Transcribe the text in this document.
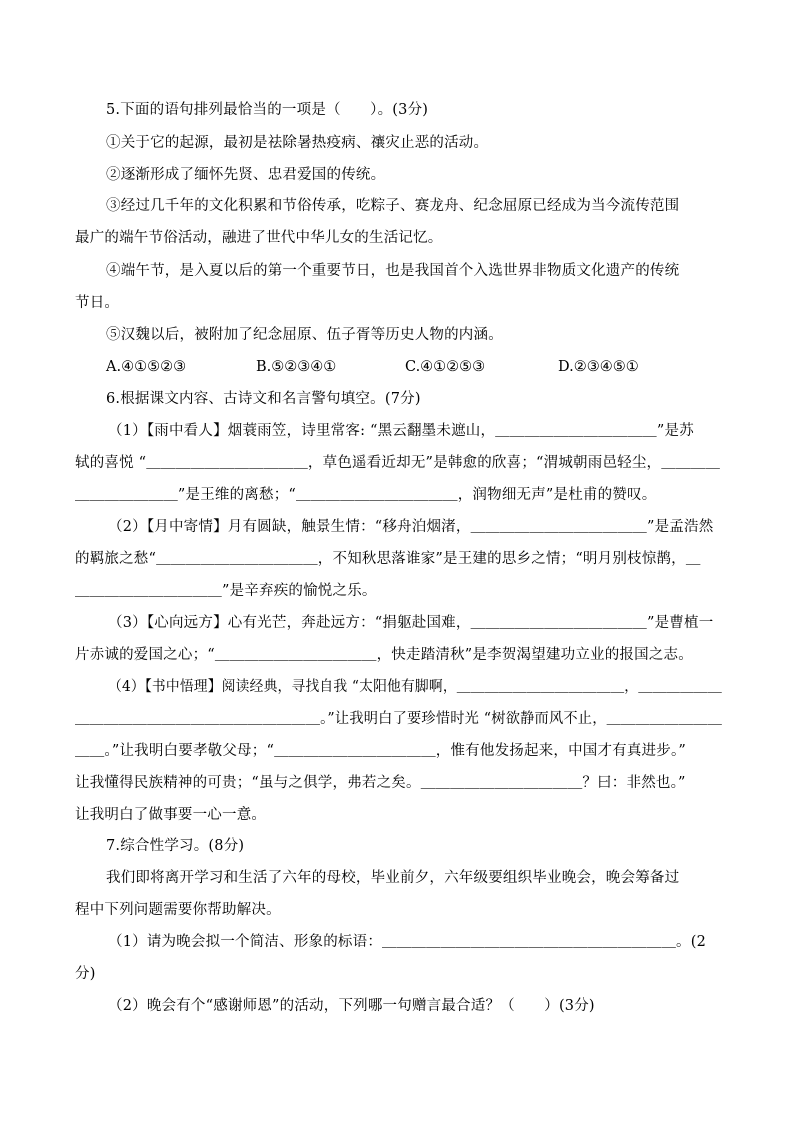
5.下面的语句排列最恰当的一项是（　　）。(3分)
①关于它的起源，最初是祛除暑热疫病、禳灾止恶的活动。
②逐渐形成了缅怀先贤、忠君爱国的传统。
③经过几千年的文化积累和节俗传承，吃粽子、赛龙舟、纪念屈原已经成为当今流传范围
最广的端午节俗活动，融进了世代中华儿女的生活记忆。
④端午节，是入夏以后的第一个重要节日，也是我国首个入选世界非物质文化遗产的传统
节日。
⑤汉魏以后，被附加了纪念屈原、伍子胥等历史人物的内涵。
A.④①⑤②③	B.⑤②③④①	C.④①②⑤③	D.②③④⑤①
6.根据课文内容、古诗文和名言警句填空。(7分)
（1）【雨中看人】烟蓑雨笠，诗里常客: “黑云翻墨未遮山，＿＿＿＿＿＿＿＿＿＿＿”是苏
轼的喜悦 “＿＿＿＿＿＿＿＿＿＿＿，草色遥看近却无”是韩愈的欣喜；“渭城朝雨邑轻尘，＿＿＿＿
＿＿＿＿＿＿＿”是王维的离愁；“＿＿＿＿＿＿＿＿＿＿＿，润物细无声”是杜甫的赞叹。
（2）【月中寄情】月有圆缺，触景生情：“移舟泊烟渚，＿＿＿＿＿＿＿＿＿＿＿＿”是孟浩然
的羁旅之愁“＿＿＿＿＿＿＿＿＿＿＿，不知秋思落谁家”是王建的思乡之情；“明月别枝惊鹊，＿
＿＿＿＿＿＿＿＿＿＿”是辛弃疾的愉悦之乐。
（3）【心向远方】心有光芒，奔赴远方：“捐躯赴国难，＿＿＿＿＿＿＿＿＿＿＿＿”是曹植一
片赤诚的爱国之心；“＿＿＿＿＿＿＿＿＿＿＿，快走踏清秋”是李贺渴望建功立业的报国之志。
（4）【书中悟理】阅读经典，寻找自我 “太阳他有脚啊，＿＿＿＿＿＿＿＿＿＿＿＿，＿＿＿＿＿＿
＿＿＿＿＿＿＿＿＿＿＿＿＿＿＿＿＿。”让我明白了要珍惜时光 “树欲静而风不止，＿＿＿＿＿＿＿＿
＿＿。”让我明白要孝敬父母；“＿＿＿＿＿＿＿＿＿＿＿，惟有他发扬起来，中国才有真进步。”
让我懂得民族精神的可贵；“虽与之俱学，弗若之矣。＿＿＿＿＿＿＿＿＿＿＿？曰：非然也。”
让我明白了做事要一心一意。
7.综合性学习。(8分)
我们即将离开学习和生活了六年的母校，毕业前夕，六年级要组织毕业晚会，晚会筹备过
程中下列问题需要你帮助解决。
（1）请为晚会拟一个简洁、形象的标语：＿＿＿＿＿＿＿＿＿＿＿＿＿＿＿＿＿＿＿＿。(2
分)
（2）晚会有个“感谢师恩”的活动，下列哪一句赠言最合适？（　　）(3分)
